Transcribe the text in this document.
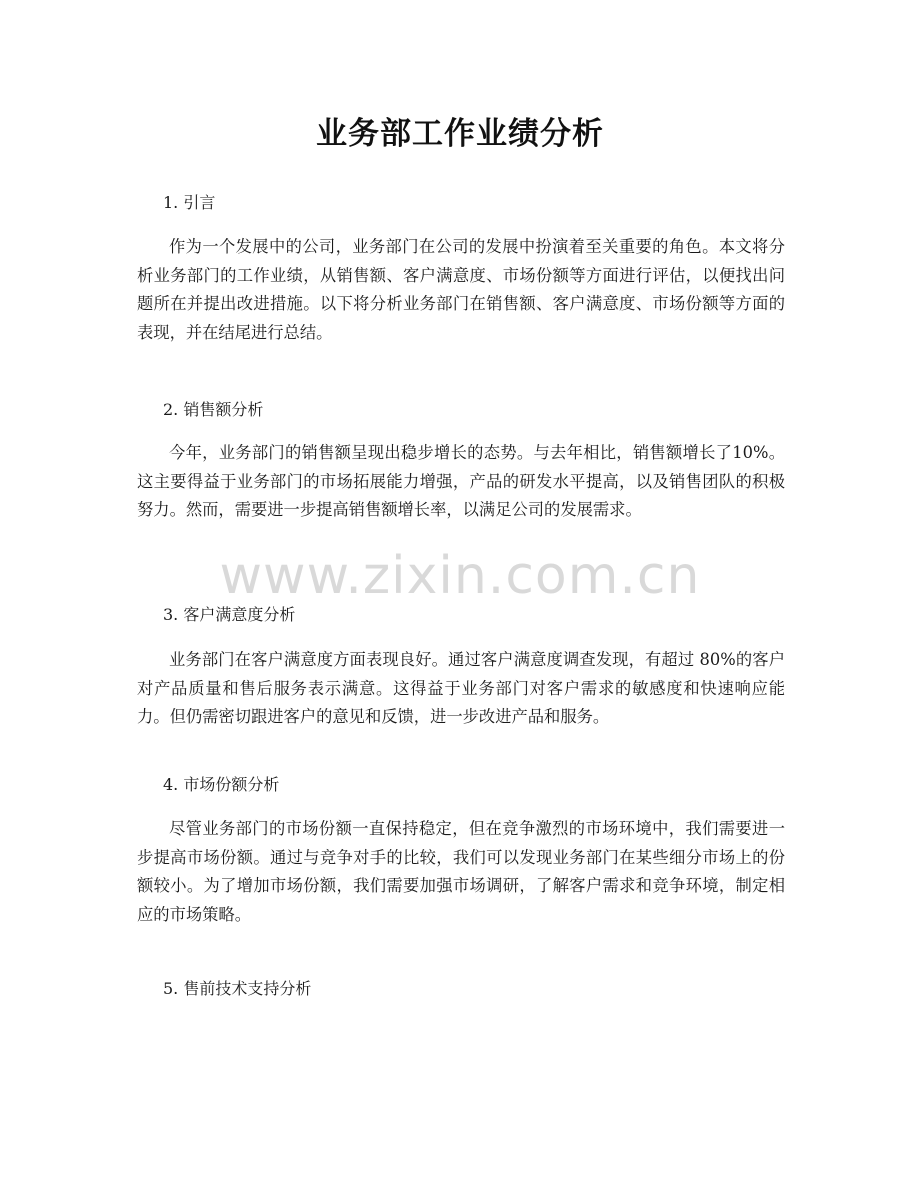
业务部工作业绩分析

1. 引言

作为一个发展中的公司，业务部门在公司的发展中扮演着至关重要的角色。本文将分析业务部门的工作业绩，从销售额、客户满意度、市场份额等方面进行评估，以便找出问题所在并提出改进措施。以下将分析业务部门在销售额、客户满意度、市场份额等方面的表现，并在结尾进行总结。

2. 销售额分析

今年，业务部门的销售额呈现出稳步增长的态势。与去年相比，销售额增长了10%。这主要得益于业务部门的市场拓展能力增强，产品的研发水平提高，以及销售团队的积极努力。然而，需要进一步提高销售额增长率，以满足公司的发展需求。

3. 客户满意度分析

业务部门在客户满意度方面表现良好。通过客户满意度调查发现，有超过 80%的客户对产品质量和售后服务表示满意。这得益于业务部门对客户需求的敏感度和快速响应能力。但仍需密切跟进客户的意见和反馈，进一步改进产品和服务。

4. 市场份额分析

尽管业务部门的市场份额一直保持稳定，但在竞争激烈的市场环境中，我们需要进一步提高市场份额。通过与竞争对手的比较，我们可以发现业务部门在某些细分市场上的份额较小。为了增加市场份额，我们需要加强市场调研，了解客户需求和竞争环境，制定相应的市场策略。

5. 售前技术支持分析

www.zixin.com.cn
